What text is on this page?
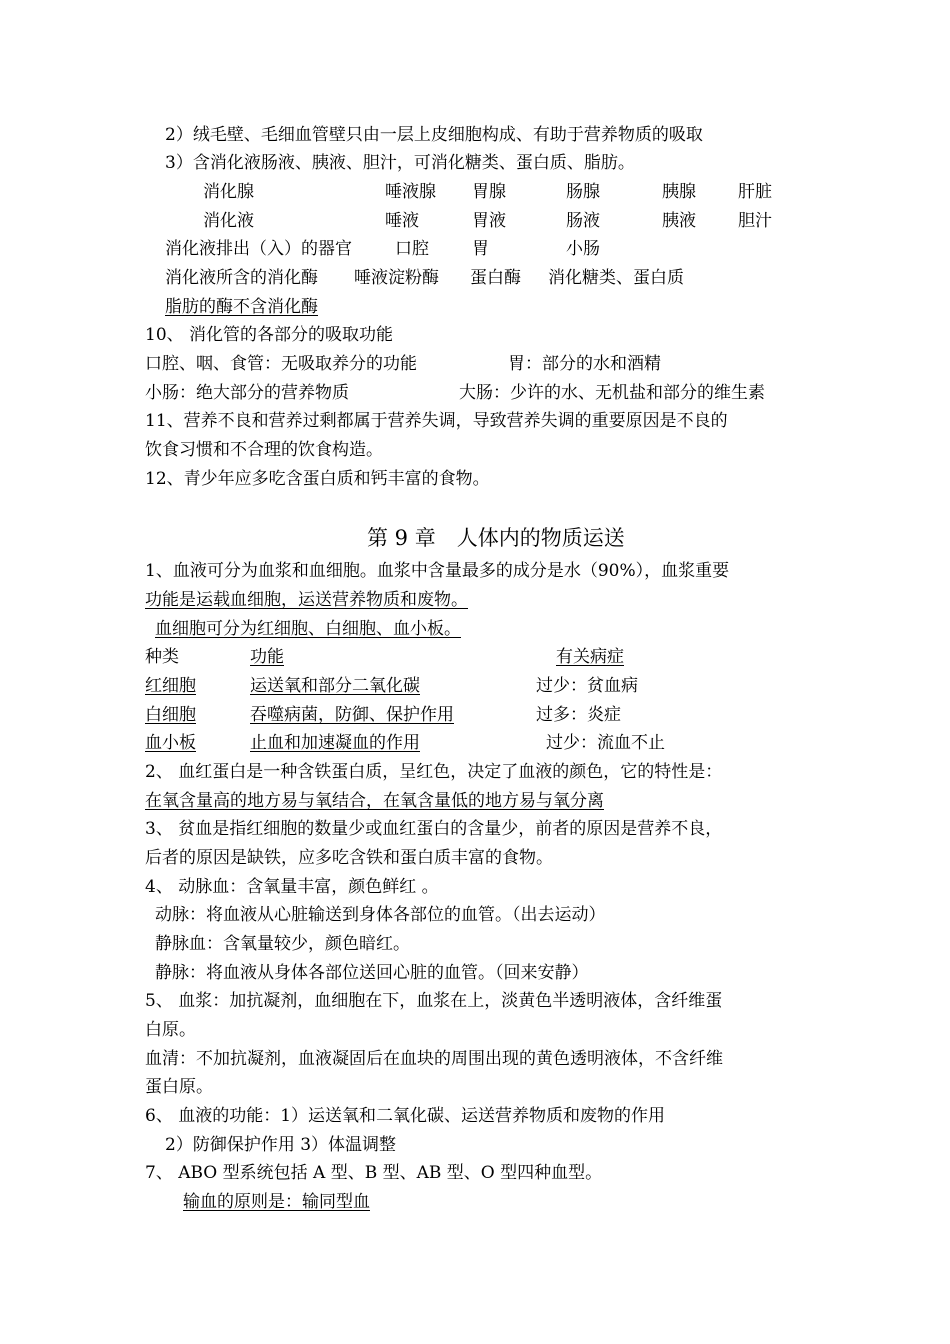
2）绒毛壁、毛细血管壁只由一层上皮细胞构成、有助于营养物质的吸取
3）含消化液肠液、胰液、胆汁，可消化糖类、蛋白质、脂肪。
消化腺	唾液腺 胃腺	肠腺	胰腺 肝脏
消化液	唾液	胃液	肠液	胰液 胆汁
消化液排出（入）的器官	口腔	胃	小肠
消化液所含的消化酶 唾液淀粉酶 蛋白酶 消化糖类、蛋白质
脂肪的酶不含消化酶
10、 消化管的各部分的吸取功能
口腔、咽、食管：无吸取养分的功能	胃：部分的水和酒精
小肠：绝大部分的营养物质	大肠：少许的水、无机盐和部分的维生素
11、营养不良和营养过剩都属于营养失调，导致营养失调的重要原因是不良的
饮食习惯和不合理的饮食构造。
12、青少年应多吃含蛋白质和钙丰富的食物。
第 9 章　人体内的物质运送
1、血液可分为血浆和血细胞。血浆中含量最多的成分是水（90%），血浆重要
功能是运载血细胞，运送营养物质和废物。
血细胞可分为红细胞、白细胞、血小板。
种类	功能	有关病症
红细胞	运送氧和部分二氧化碳	过少：贫血病
白细胞	吞噬病菌，防御、保护作用	过多：炎症
血小板	止血和加速凝血的作用	过少：流血不止
2、 血红蛋白是一种含铁蛋白质，呈红色，决定了血液的颜色，它的特性是：
在氧含量高的地方易与氧结合，在氧含量低的地方易与氧分离
3、 贫血是指红细胞的数量少或血红蛋白的含量少，前者的原因是营养不良，
后者的原因是缺铁，应多吃含铁和蛋白质丰富的食物。
4、 动脉血：含氧量丰富，颜色鲜红 。
动脉：将血液从心脏输送到身体各部位的血管。（出去运动）
静脉血：含氧量较少，颜色暗红。
静脉：将血液从身体各部位送回心脏的血管。（回来安静）
5、 血浆：加抗凝剂，血细胞在下，血浆在上，淡黄色半透明液体，含纤维蛋
白原。
血清：不加抗凝剂，血液凝固后在血块的周围出现的黄色透明液体，不含纤维
蛋白原。
6、 血液的功能：1）运送氧和二氧化碳、运送营养物质和废物的作用
2）防御保护作用 3）体温调整
7、 ABO 型系统包括 A 型、B 型、AB 型、O 型四种血型。
输血的原则是：输同型血
